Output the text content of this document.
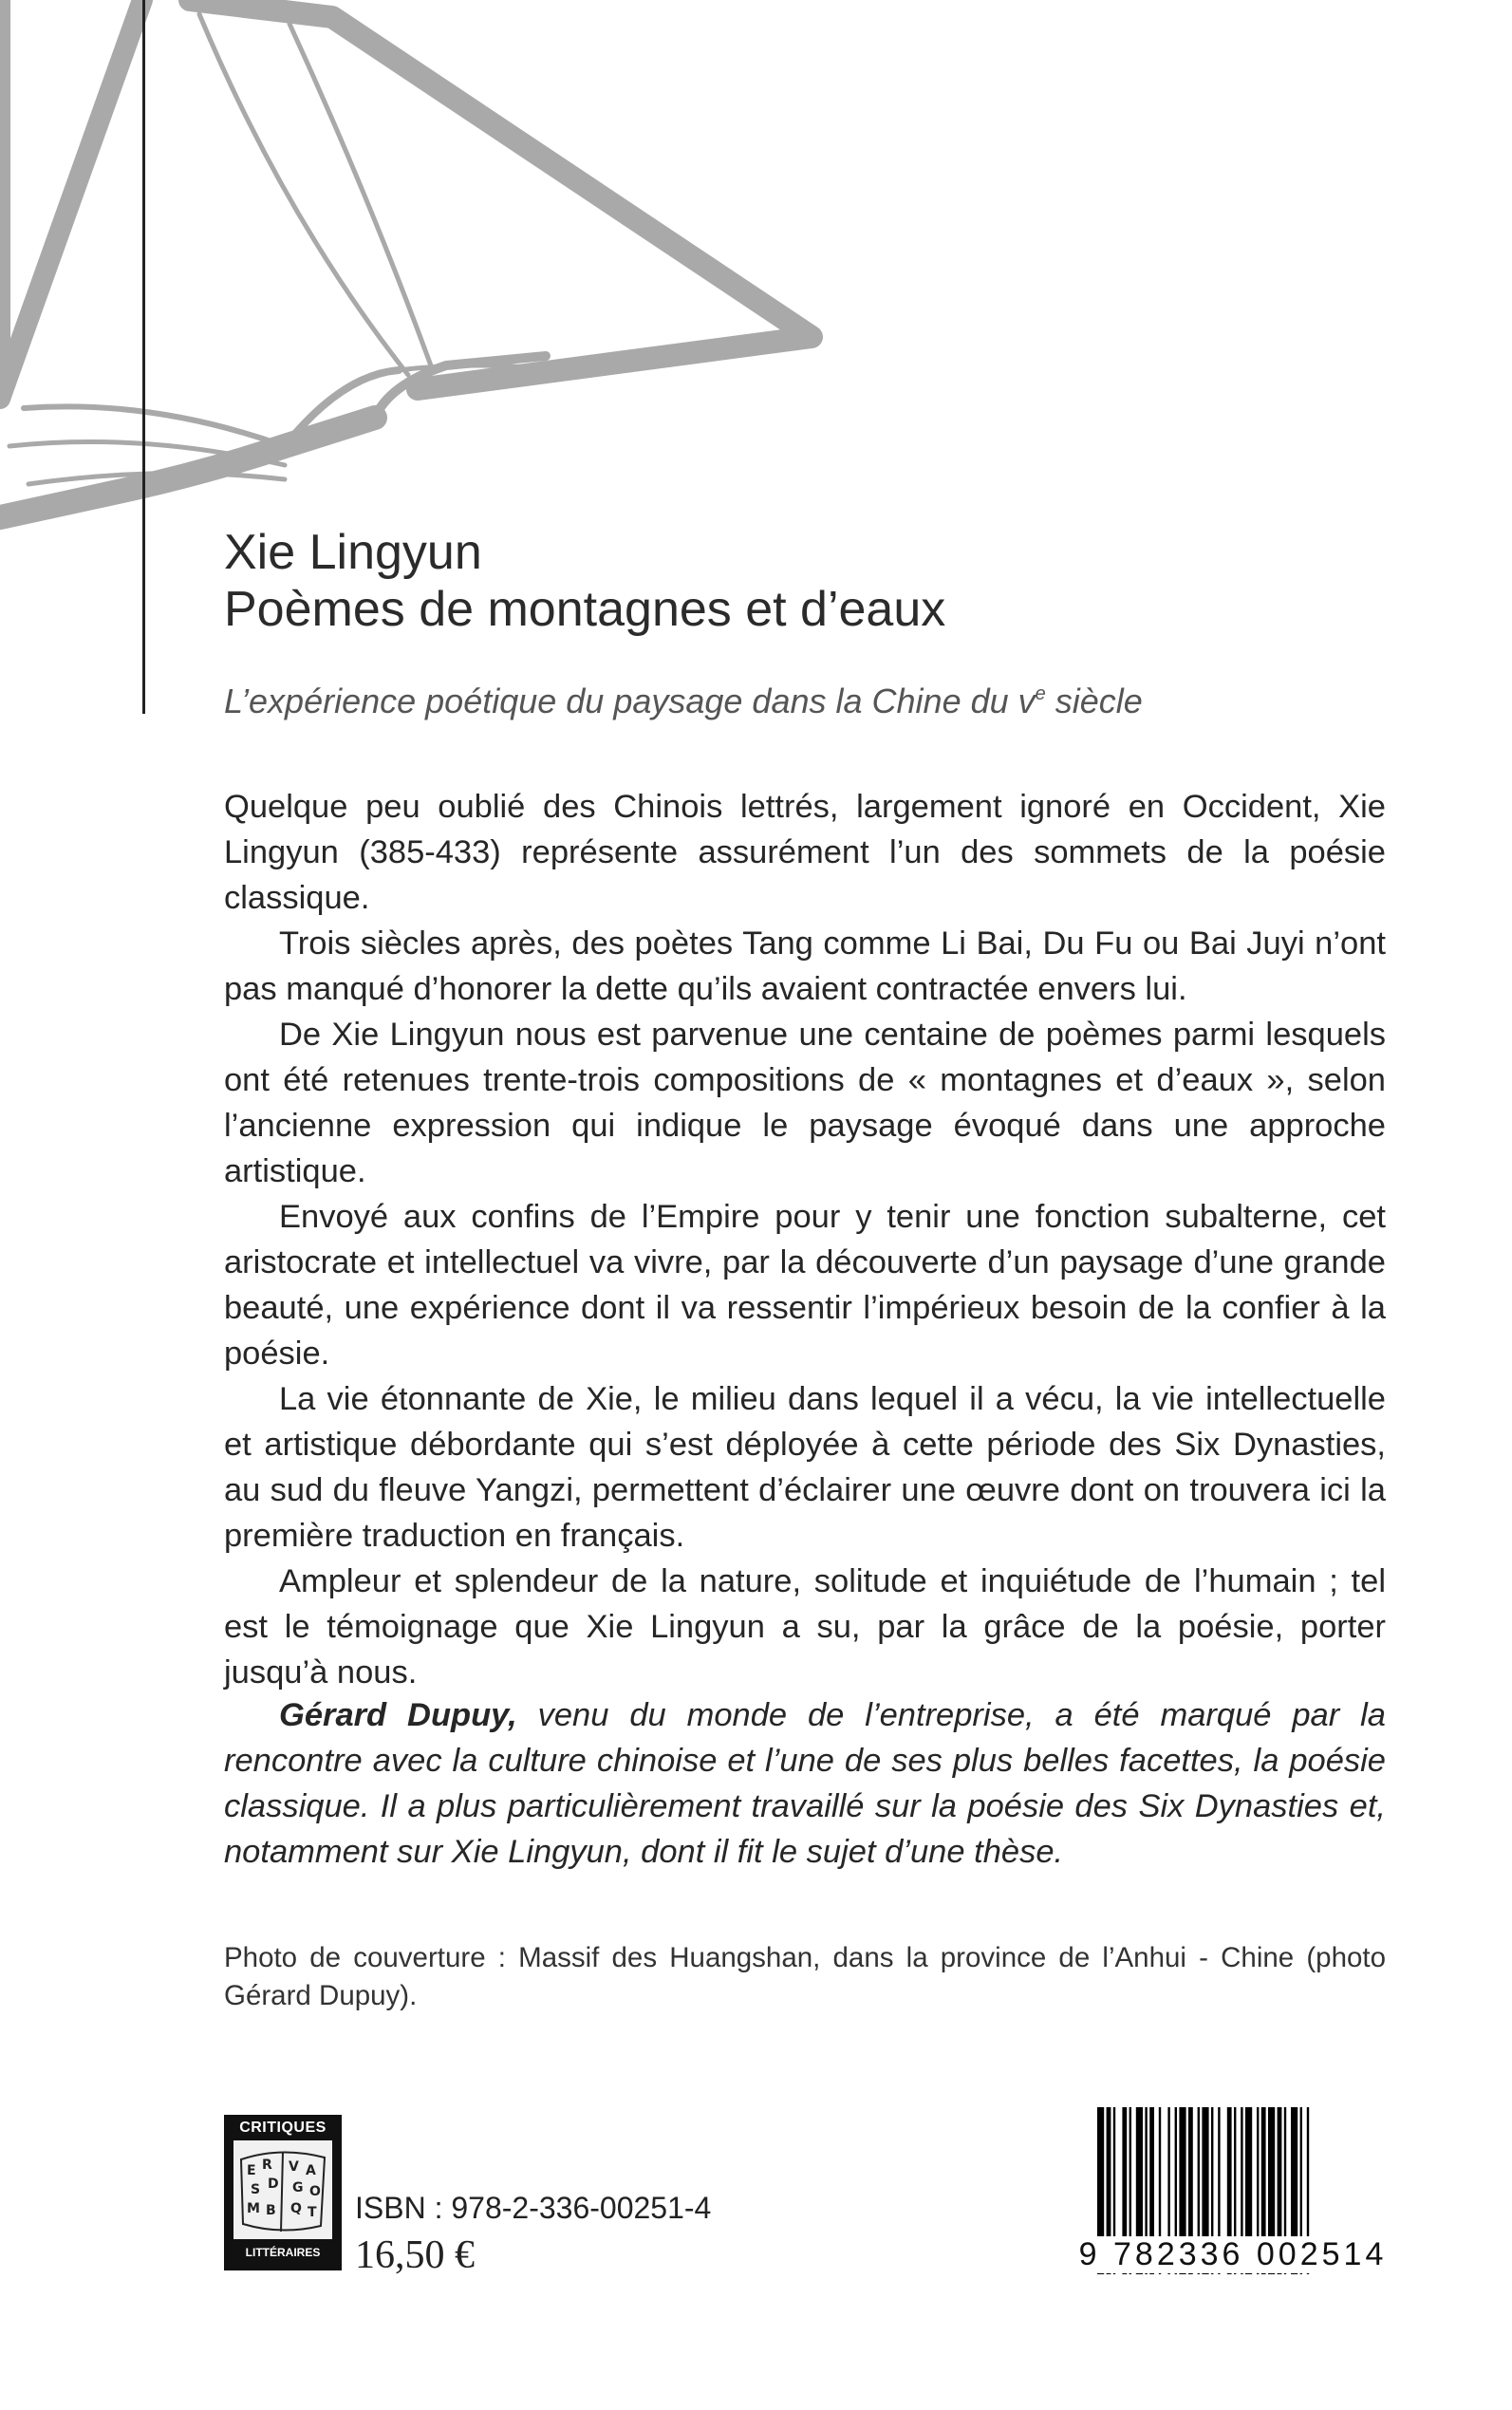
Xie Lingyun
Poèmes de montagnes et d’eaux
L’expérience poétique du paysage dans la Chine du $v^e$ siècle

Quelque peu oublié des Chinois lettrés, largement ignoré en Occident, Xie Lingyun (385-433) représente assurément l’un des sommets de la poésie classique.

Trois siècles après, des poètes Tang comme Li Bai, Du Fu ou Bai Juyi n’ont pas manqué d’honorer la dette qu’ils avaient contractée envers lui.

De Xie Lingyun nous est parvenue une centaine de poèmes parmi lesquels ont été retenues trente-trois compositions de « montagnes et d’eaux », selon l’ancienne expression qui indique le paysage évoqué dans une approche artistique.

Envoyé aux confins de l’Empire pour y tenir une fonction subalterne, cet aristocrate et intellectuel va vivre, par la découverte d’un paysage d’une grande beauté, une expérience dont il va ressentir l’impérieux besoin de la confier à la poésie.

La vie étonnante de Xie, le milieu dans lequel il a vécu, la vie intellectuelle et artistique débordante qui s’est déployée à cette période des Six Dynasties, au sud du fleuve Yangzi, permettent d’éclairer une œuvre dont on trouvera ici la première traduction en français.

Ampleur et splendeur de la nature, solitude et inquiétude de l’humain ; tel est le témoignage que Xie Lingyun a su, par la grâce de la poésie, porter jusqu’à nous.

Gérard Dupuy, venu du monde de l’entreprise, a été marqué par la rencontre avec la culture chinoise et l’une de ses plus belles facettes, la poésie classique. Il a plus particulièrement travaillé sur la poésie des Six Dynasties et, notamment sur Xie Lingyun, dont il fit le sujet d’une thèse.
Photo de couverture : Massif des Huangshan, dans la province de l’Anhui - Chine (photo Gérard Dupuy).
CRITIQUES
E R V A
S D G O
M B Q T
LITTÉRAIRES
ISBN : 978-2-336-00251-4
16,50 €	9 782336 002514
